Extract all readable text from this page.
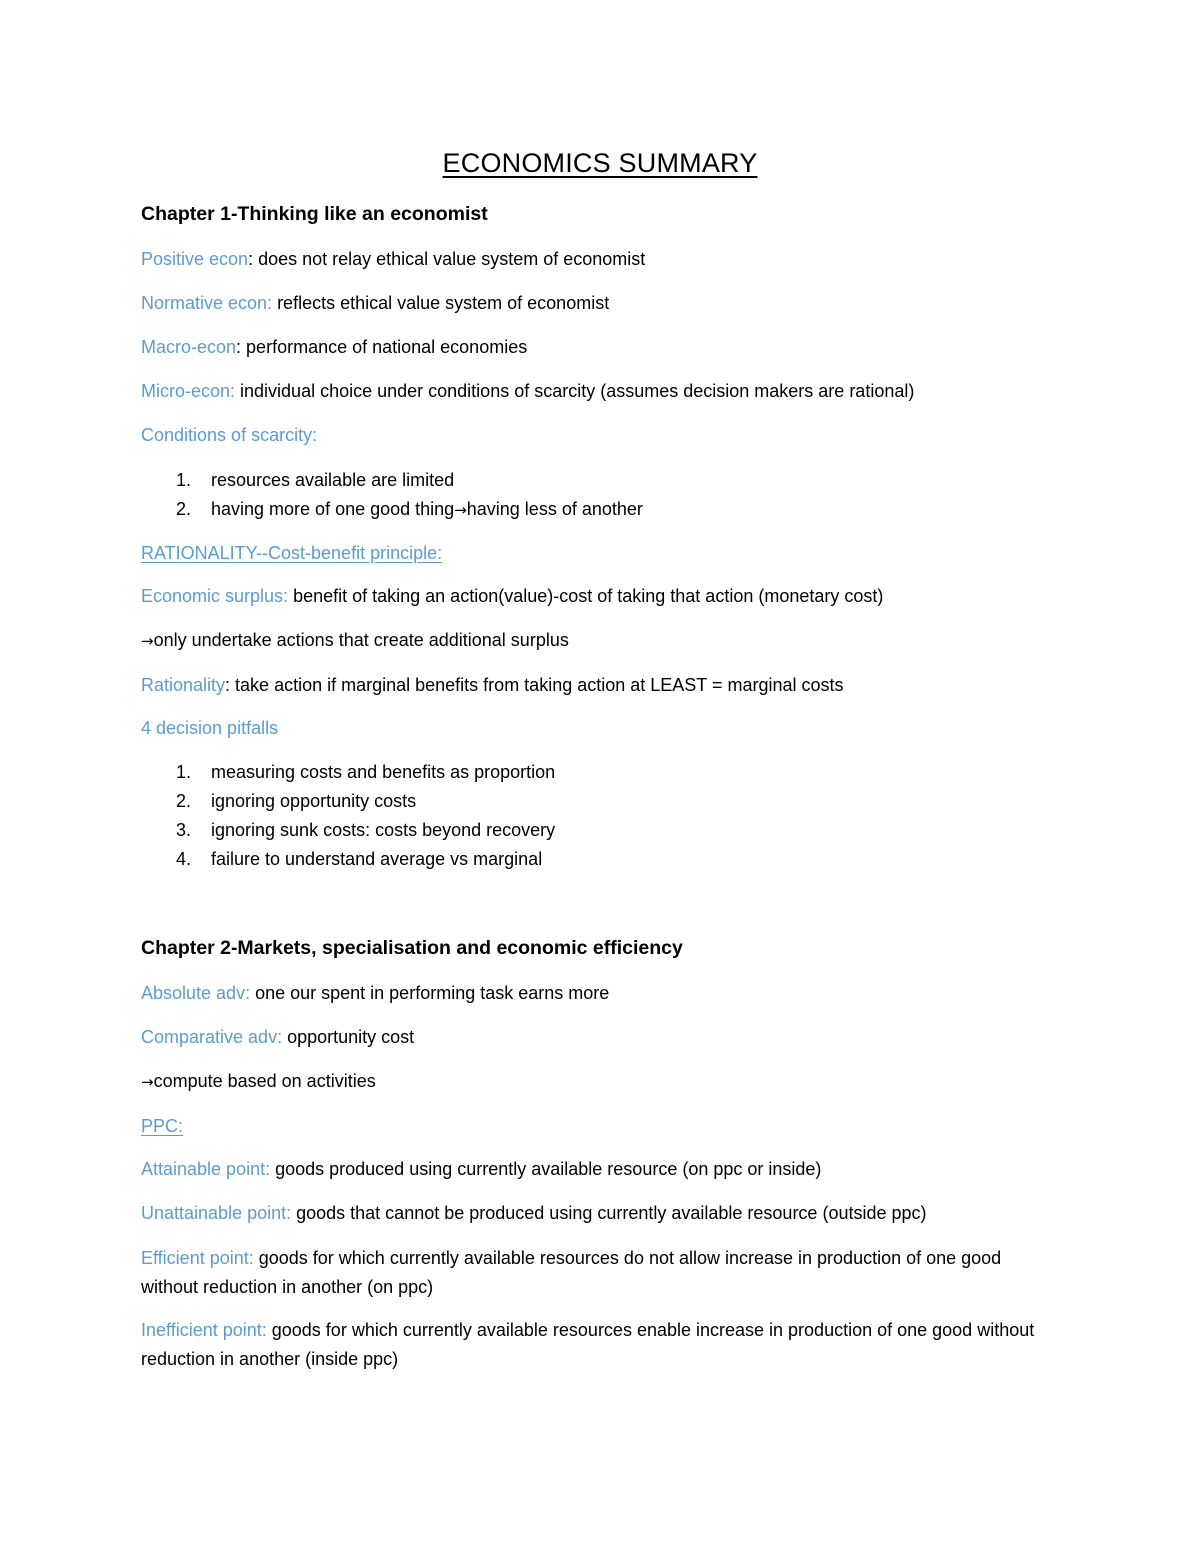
ECONOMICS SUMMARY
Chapter 1-Thinking like an economist
Positive econ: does not relay ethical value system of economist
Normative econ: reflects ethical value system of economist
Macro-econ: performance of national economies
Micro-econ: individual choice under conditions of scarcity (assumes decision makers are rational)
Conditions of scarcity:
1. resources available are limited
2. having more of one good thing→having less of another
RATIONALITY--Cost-benefit principle:
Economic surplus: benefit of taking an action(value)-cost of taking that action (monetary cost)
→only undertake actions that create additional surplus
Rationality: take action if marginal benefits from taking action at LEAST = marginal costs
4 decision pitfalls
1. measuring costs and benefits as proportion
2. ignoring opportunity costs
3. ignoring sunk costs: costs beyond recovery
4. failure to understand average vs marginal
Chapter 2-Markets, specialisation and economic efficiency
Absolute adv: one our spent in performing task earns more
Comparative adv: opportunity cost
→compute based on activities
PPC:
Attainable point: goods produced using currently available resource (on ppc or inside)
Unattainable point: goods that cannot be produced using currently available resource (outside ppc)
Efficient point: goods for which currently available resources do not allow increase in production of one good without reduction in another (on ppc)
Inefficient point: goods for which currently available resources enable increase in production of one good without reduction in another (inside ppc)
